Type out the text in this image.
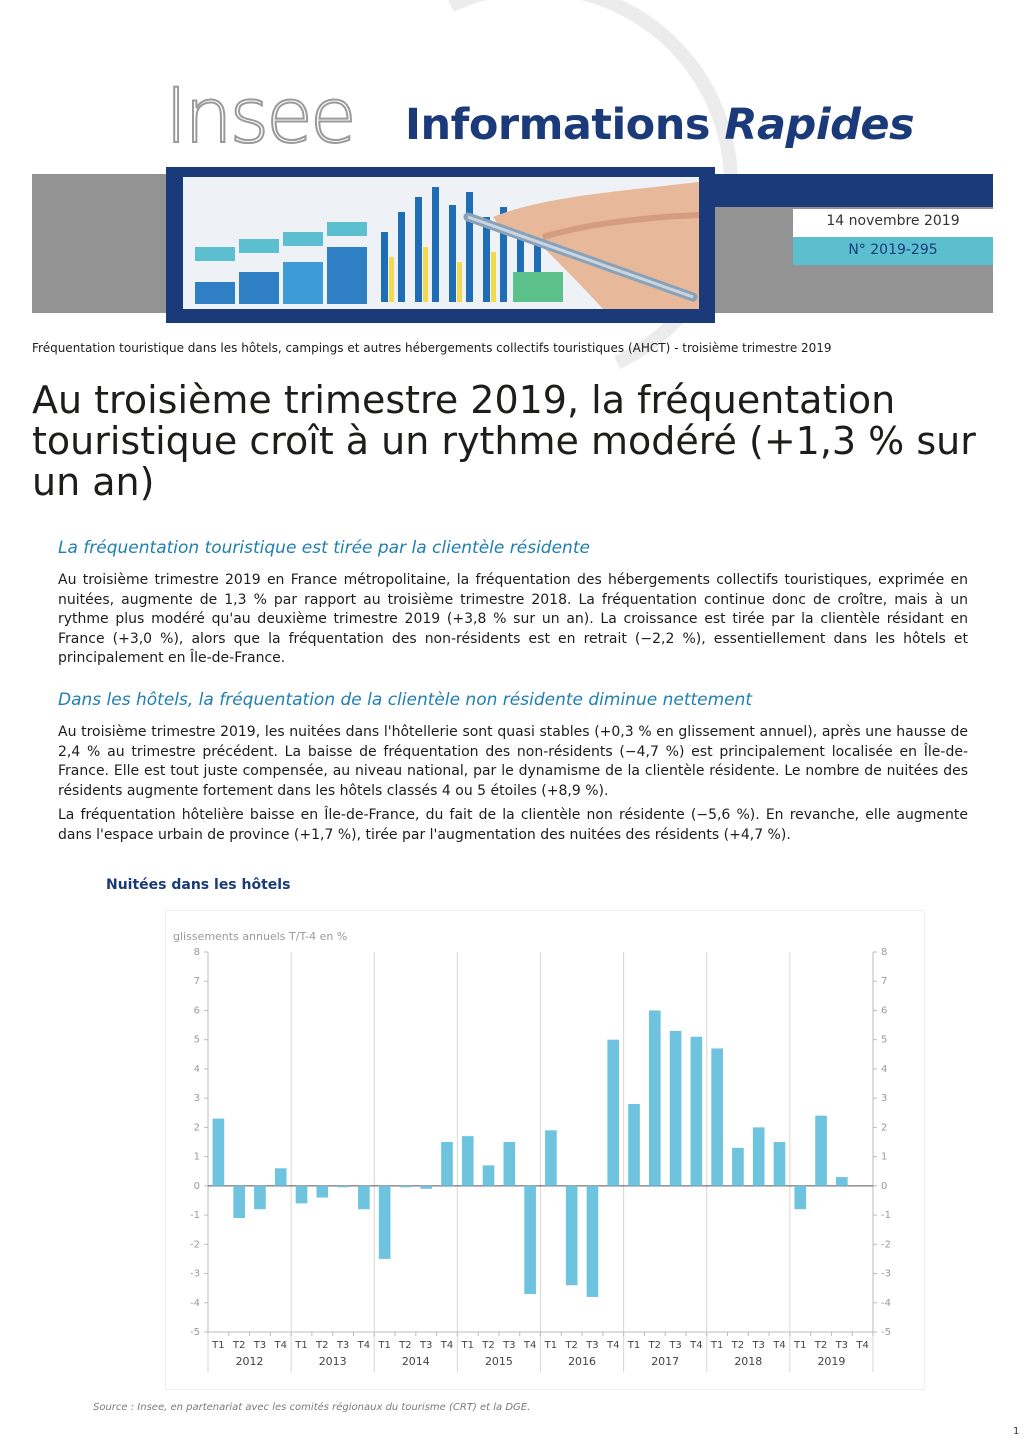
Insee Informations Rapides
14 novembre 2019
N° 2019-295
Fréquentation touristique dans les hôtels, campings et autres hébergements collectifs touristiques (AHCT) - troisième trimestre 2019
Au troisième trimestre 2019, la fréquentation touristique croît à un rythme modéré (+1,3 % sur un an)
La fréquentation touristique est tirée par la clientèle résidente
Au troisième trimestre 2019 en France métropolitaine, la fréquentation des hébergements collectifs touristiques, exprimée en nuitées, augmente de 1,3 % par rapport au troisième trimestre 2018. La fréquentation continue donc de croître, mais à un rythme plus modéré qu'au deuxième trimestre 2019 (+3,8 % sur un an). La croissance est tirée par la clientèle résidant en France (+3,0 %), alors que la fréquentation des non-résidents est en retrait (−2,2 %), essentiellement dans les hôtels et principalement en Île-de-France.
Dans les hôtels, la fréquentation de la clientèle non résidente diminue nettement
Au troisième trimestre 2019, les nuitées dans l'hôtellerie sont quasi stables (+0,3 % en glissement annuel), après une hausse de 2,4 % au trimestre précédent. La baisse de fréquentation des non-résidents (−4,7 %) est principalement localisée en Île-de-France. Elle est tout juste compensée, au niveau national, par le dynamisme de la clientèle résidente. Le nombre de nuitées des résidents augmente fortement dans les hôtels classés 4 ou 5 étoiles (+8,9 %).
La fréquentation hôtelière baisse en Île-de-France, du fait de la clientèle non résidente (−5,6 %). En revanche, elle augmente dans l'espace urbain de province (+1,7 %), tirée par l'augmentation des nuitées des résidents (+4,7 %).
Nuitées dans les hôtels
glissements annuels T/T-4 en %
-5	-5
-4	-4
-3	-3
-2	-2
-1	-1
0	0
1	1
2	2
3	3
4	4
5	5
6	6
7	7
8	8
T1 T2 T3 T4 T1 T2 T3 T4 T1 T2 T3 T4 T1 T2 T3 T4 T1 T2 T3 T4 T1 T2 T3 T4 T1 T2 T3 T4 T1 T2 T3 T4
2012	2013	2014	2015	2016	2017	2018	2019
Source : Insee, en partenariat avec les comités régionaux du tourisme (CRT) et la DGE.
1
